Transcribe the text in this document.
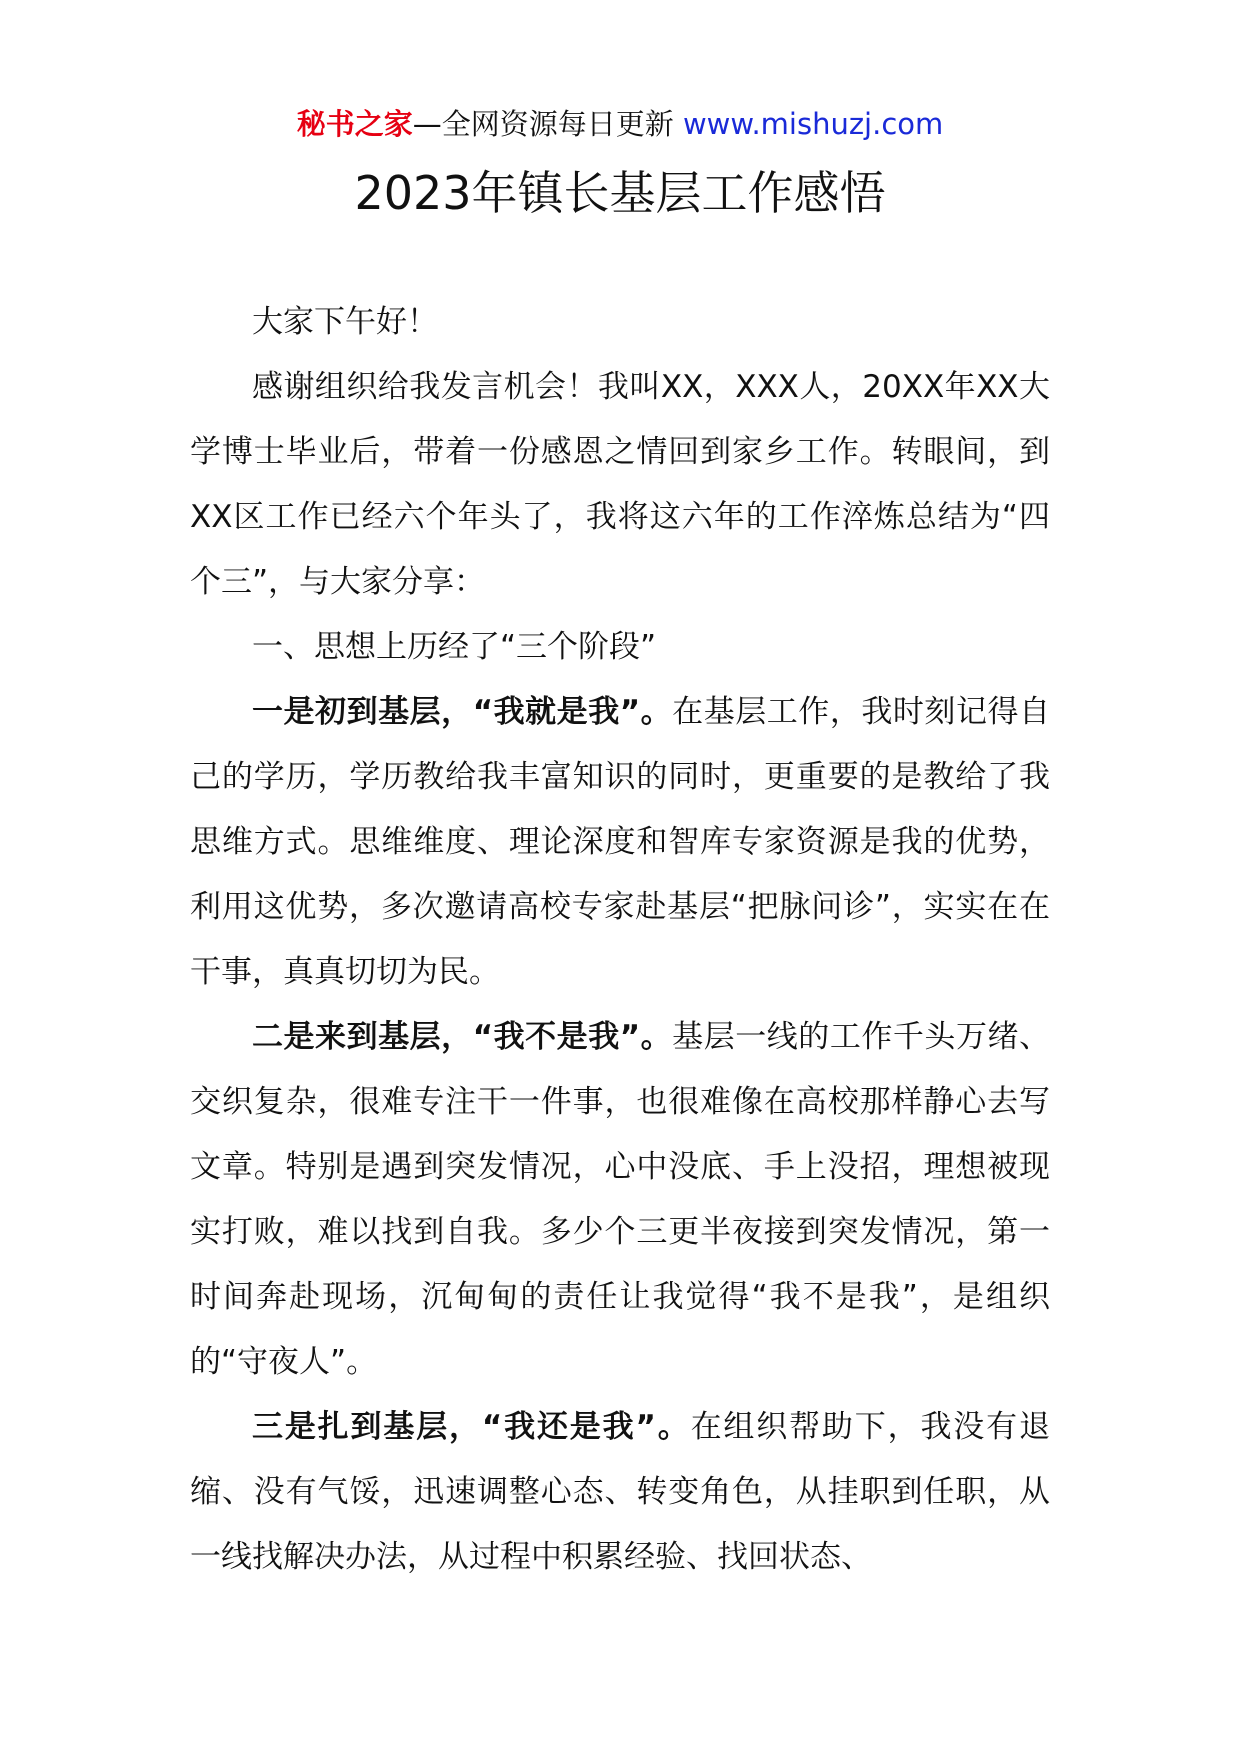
秘书之家—全网资源每日更新 www.mishuzj.com
2023年镇长基层工作感悟

大家下午好！

感谢组织给我发言机会！我叫XX，XXX人，20XX年XX大学博士毕业后，带着一份感恩之情回到家乡工作。转眼间，到XX区工作已经六个年头了，我将这六年的工作淬炼总结为“四个三”，与大家分享：

一、思想上历经了“三个阶段”

一是初到基层，“我就是我”。在基层工作，我时刻记得自己的学历，学历教给我丰富知识的同时，更重要的是教给了我思维方式。思维维度、理论深度和智库专家资源是我的优势，利用这优势，多次邀请高校专家赴基层“把脉问诊”，实实在在干事，真真切切为民。

二是来到基层，“我不是我”。基层一线的工作千头万绪、交织复杂，很难专注干一件事，也很难像在高校那样静心去写文章。特别是遇到突发情况，心中没底、手上没招，理想被现实打败，难以找到自我。多少个三更半夜接到突发情况，第一时间奔赴现场，沉甸甸的责任让我觉得“我不是我”，是组织的“守夜人”。

三是扎到基层，“我还是我”。在组织帮助下，我没有退缩、没有气馁，迅速调整心态、转变角色，从挂职到任职，从一线找解决办法，从过程中积累经验、找回状态、
